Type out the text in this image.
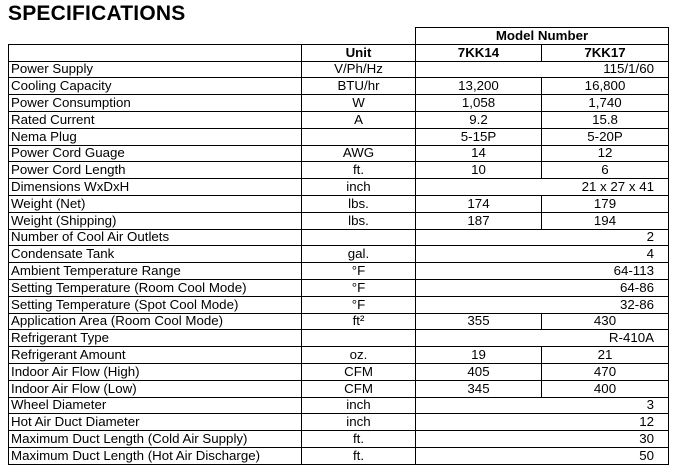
SPECIFICATIONS
		Model Number	
	Unit	7KK14	7KK17
Power Supply	V/Ph/Hz	115/1/60	
Cooling Capacity	BTU/hr	13,200	16,800
Power Consumption	W	1,058	1,740
Rated Current	A	9.2	15.8
Nema Plug		5-15P	5-20P
Power Cord Guage	AWG	14	12
Power Cord Length	ft.	10	6
Dimensions WxDxH	inch	21 x 27 x 41	
Weight (Net)	lbs.	174	179
Weight (Shipping)	lbs.	187	194
Number of Cool Air Outlets		2	
Condensate Tank	gal.	4	
Ambient Temperature Range	°F	64-113	
Setting Temperature (Room Cool Mode)	°F	64-86	
Setting Temperature (Spot Cool Mode)	°F	32-86	
Application Area (Room Cool Mode)	ft²	355	430
Refrigerant Type		R-410A	
Refrigerant Amount	oz.	19	21
Indoor Air Flow (High)	CFM	405	470
Indoor Air Flow (Low)	CFM	345	400
Wheel Diameter	inch	3	
Hot Air Duct Diameter	inch	12	
Maximum Duct Length (Cold Air Supply)	ft.	30	
Maximum Duct Length (Hot Air Discharge)	ft.	50	
